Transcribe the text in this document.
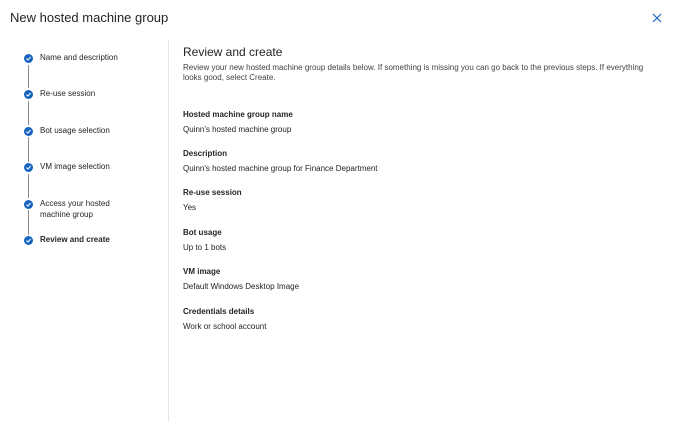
New hosted machine group
Name and description
Re-use session
Bot usage selection
VM image selection
Access your hosted machine group
Review and create
Review and create

Review your new hosted machine group details below. If something is missing you can go back to the previous steps. If everything looks good, select Create.

Hosted machine group name
Quinn's hosted machine group
Description
Quinn's hosted machine group for Finance Department
Re-use session
Yes
Bot usage
Up to 1 bots
VM image
Default Windows Desktop Image
Credentials details
Work or school account
